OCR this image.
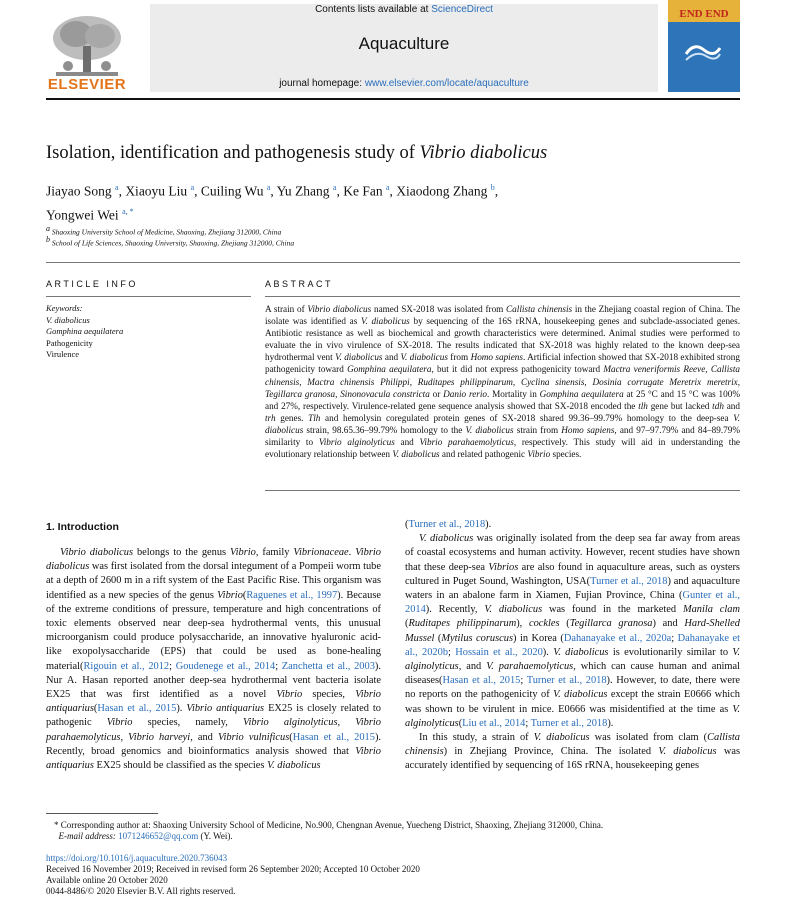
ELSEVIER
Contents lists available at ScienceDirect
Aquaculture
journal homepage: www.elsevier.com/locate/aquaculture
END END
Isolation, identification and pathogenesis study of Vibrio diabolicus
Jiayao Song $^a$, Xiaoyu Liu $^a$, Cuiling Wu $^a$, Yu Zhang $^a$, Ke Fan $^a$, Xiaodong Zhang $^b$,
Yongwei Wei $^{a, *}$
$^a$ Shaoxing University School of Medicine, Shaoxing, Zhejiang 312000, China
$^b$ School of Life Sciences, Shaoxing University, Shaoxing, Zhejiang 312000, China
ARTICLE INFO
Keywords:
V. diabolicus
Gomphina aequilatera
Pathogenicity
Virulence
ABSTRACT
A strain of Vibrio diabolicus named SX-2018 was isolated from Callista chinensis in the Zhejiang coastal region of China. The isolate was identified as V. diabolicus by sequencing of the 16S rRNA, housekeeping genes and subclade-associated genes. Antibiotic resistance as well as biochemical and growth characteristics were determined. Animal studies were performed to evaluate the in vivo virulence of SX-2018. The results indicated that SX-2018 was highly related to the known deep-sea hydrothermal vent V. diabolicus and V. diabolicus from Homo sapiens. Artificial infection showed that SX-2018 exhibited strong pathogenicity toward Gomphina aequilatera, but it did not express pathogenicity toward Mactra veneriformis Reeve, Callista chinensis, Mactra chinensis Philippi, Ruditapes philippinarum, Cyclina sinensis, Dosinia corrugate Meretrix meretrix, Tegillarca granosa, Sinonovacula constricta or Danio rerio. Mortality in Gomphina aequilatera at 25 °C and 15 °C was 100% and 27%, respectively. Virulence-related gene sequence analysis showed that SX-2018 encoded the tlh gene but lacked tdh and trh genes. Tlh and hemolysin coregulated protein genes of SX-2018 shared 99.36–99.79% homology to the deep-sea V. diabolicus strain, 98.65.36–99.79% homology to the V. diabolicus strain from Homo sapiens, and 97–97.79% and 84–89.79% similarity to Vibrio alginolyticus and Vibrio parahaemolyticus, respectively. This study will aid in understanding the evolutionary relationship between V. diabolicus and related pathogenic Vibrio species.
1. Introduction

Vibrio diabolicus belongs to the genus Vibrio, family Vibrionaceae. Vibrio diabolicus was first isolated from the dorsal integument of a Pompeii worm tube at a depth of 2600 m in a rift system of the East Pacific Rise. This organism was identified as a new species of the genus Vibrio(Raguenes et al., 1997). Because of the extreme conditions of pressure, temperature and high concentrations of toxic elements observed near deep-sea hydrothermal vents, this unusual microorganism could produce polysaccharide, an innovative hyaluronic acid-like exopolysaccharide (EPS) that could be used as bone-healing material(Rigouin et al., 2012; Goudenege et al., 2014; Zanchetta et al., 2003). Nur A. Hasan reported another deep-sea hydrothermal vent bacteria isolate EX25 that was first identified as a novel Vibrio species, Vibrio antiquarius(Hasan et al., 2015). Vibrio antiquarius EX25 is closely related to pathogenic Vibrio species, namely, Vibrio alginolyticus, Vibrio parahaemolyticus, Vibrio harveyi, and Vibrio vulnificus(Hasan et al., 2015). Recently, broad genomics and bioinformatics analysis showed that Vibrio antiquarius EX25 should be classified as the species V. diabolicus

(Turner et al., 2018).

V. diabolicus was originally isolated from the deep sea far away from areas of coastal ecosystems and human activity. However, recent studies have shown that these deep-sea Vibrios are also found in aquaculture areas, such as oysters cultured in Puget Sound, Washington, USA(Turner et al., 2018) and aquaculture waters in an abalone farm in Xiamen, Fujian Province, China (Gunter et al., 2014). Recently, V. diabolicus was found in the marketed Manila clam (Ruditapes philippinarum), cockles (Tegillarca granosa) and Hard-Shelled Mussel (Mytilus coruscus) in Korea (Dahanayake et al., 2020a; Dahanayake et al., 2020b; Hossain et al., 2020). V. diabolicus is evolutionarily similar to V. alginolyticus, and V. parahaemolyticus, which can cause human and animal diseases(Hasan et al., 2015; Turner et al., 2018). However, to date, there were no reports on the pathogenicity of V. diabolicus except the strain E0666 which was shown to be virulent in mice. E0666 was misidentified at the time as V. alginolyticus(Liu et al., 2014; Turner et al., 2018).

In this study, a strain of V. diabolicus was isolated from clam (Callista chinensis) in Zhejiang Province, China. The isolated V. diabolicus was accurately identified by sequencing of 16S rRNA, housekeeping genes

* Corresponding author at: Shaoxing University School of Medicine, No.900, Chengnan Avenue, Yuecheng District, Shaoxing, Zhejiang 312000, China.
E-mail address: 1071246652@qq.com (Y. Wei).
https://doi.org/10.1016/j.aquaculture.2020.736043
Received 16 November 2019; Received in revised form 26 September 2020; Accepted 10 October 2020
Available online 20 October 2020
0044-8486/© 2020 Elsevier B.V. All rights reserved.
